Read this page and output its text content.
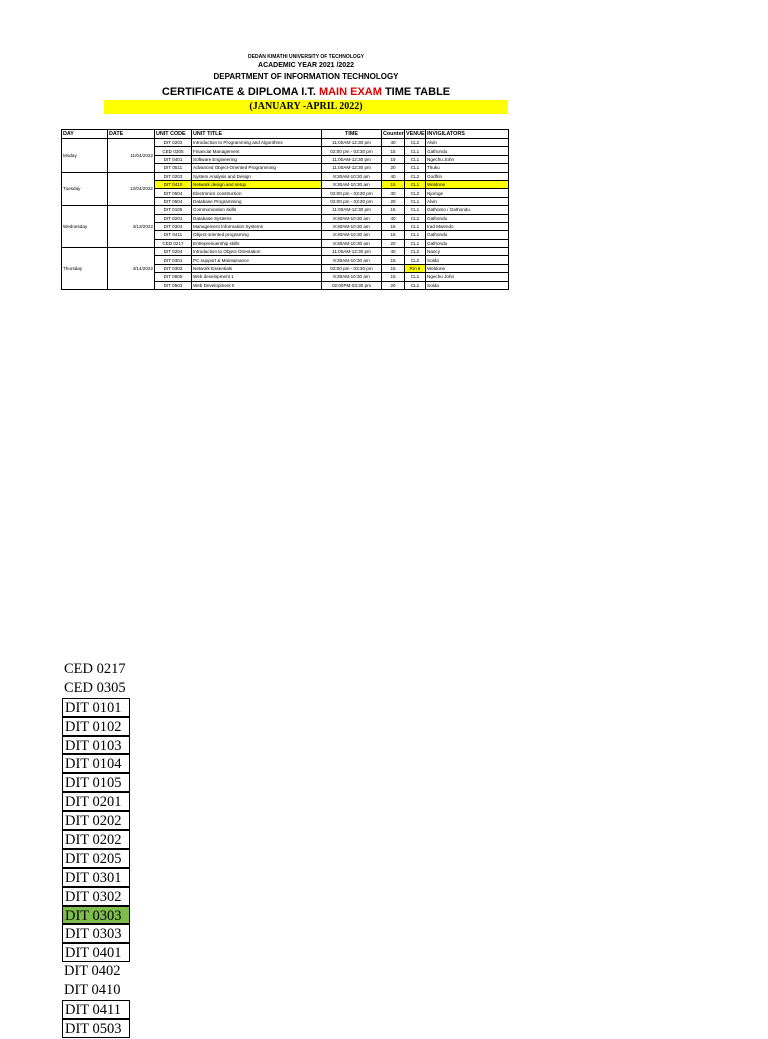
DEDAN KIMATHI UNIVERSITY OF TECHNOLOGY
ACADEMIC YEAR 2021 /2022
DEPARTMENT OF INFORMATION TECHNOLOGY
CERTIFICATE & DIPLOMA I.T. MAIN EXAM TIME TABLE
(JANUARY -APRIL 2022)
DAY	DATE	UNIT CODE	UNIT TITLE	TIME	Counter	VENUE	INVIGILATORS
Moday	11/04/2022	DIT 0202	Introduction to Programming and Algorithms	11:00AM-12:30 pm	40	CL2	Alvin
		CED 0305	Financial Management	02:00 pm - 03:30 pm	15	CL1	Gathondu
		DIT 0401	Software Engineering	11:00AM-12:30 pm	15	CL1	Ngechu John
		DIT 0511	Advanced Object-Oriented Programming	11:00AM-12:30 pm	20	CL1	Thuku
Tuesday	12/04/2022	DIT 0203	System Analysis and Design	8:30AM-10:30 am	40	CL2	Godfrin
		DIT 0410	Network design and setup	8:30AM-10:30 am	15	CL1	Weldone
		DIT 0504	Electronics construction	02:00 pm - 03:30 pm	30	CL2	Njoroge
		DIT 0504	Database Programming	02:00 pm - 03:30 pm	20	CL1	Alvin
Wednesday	4/13/2022	DIT 0105	Communication skills	11:00AM-12:30 pm	15	CL1	Gathomo / Gathondu
		DIT 0201	Database Systems	8:30AM-10:30 am	40	CL2	Gathondu
		DIT 0303	Management Information Systems	8:30AM-10:30 am	15	CL1	Irad Mwendo
		DIT 0411	Object oriented programing	8:30AM-10:30 am	15	CL1	Gathondu
		CED 0217	Entreprenuership skills	8:30AM-10:30 am	20	CL1	Gathondu
Thursday	4/14/2022	DIT 0204	Introduction to Object Orientation	11:00AM-12:30 pm	40	CL2	Nancy
		DIT 0301	PC support & Maintainance	8:30AM-10:30 am	15	CL2	Solda
		DIT 0302	Network Essentials	02:00 pm - 03:30 pm	15	Rm 6	Weldone
		DIT 0605	Web development 1	8:30AM-10:30 am	15	CL1	Ngechu John
		DIT 0503	Web Development II	02:00PM-03:30 pm	20	CL1	Solda
CED 0217
CED 0305
DIT 0101
DIT 0102
DIT 0103
DIT 0104
DIT 0105
DIT 0201
DIT 0202
DIT 0202
DIT 0205
DIT 0301
DIT 0302
DIT 0303
DIT 0303
DIT 0401
DIT 0402
DIT 0410
DIT 0411
DIT 0503
